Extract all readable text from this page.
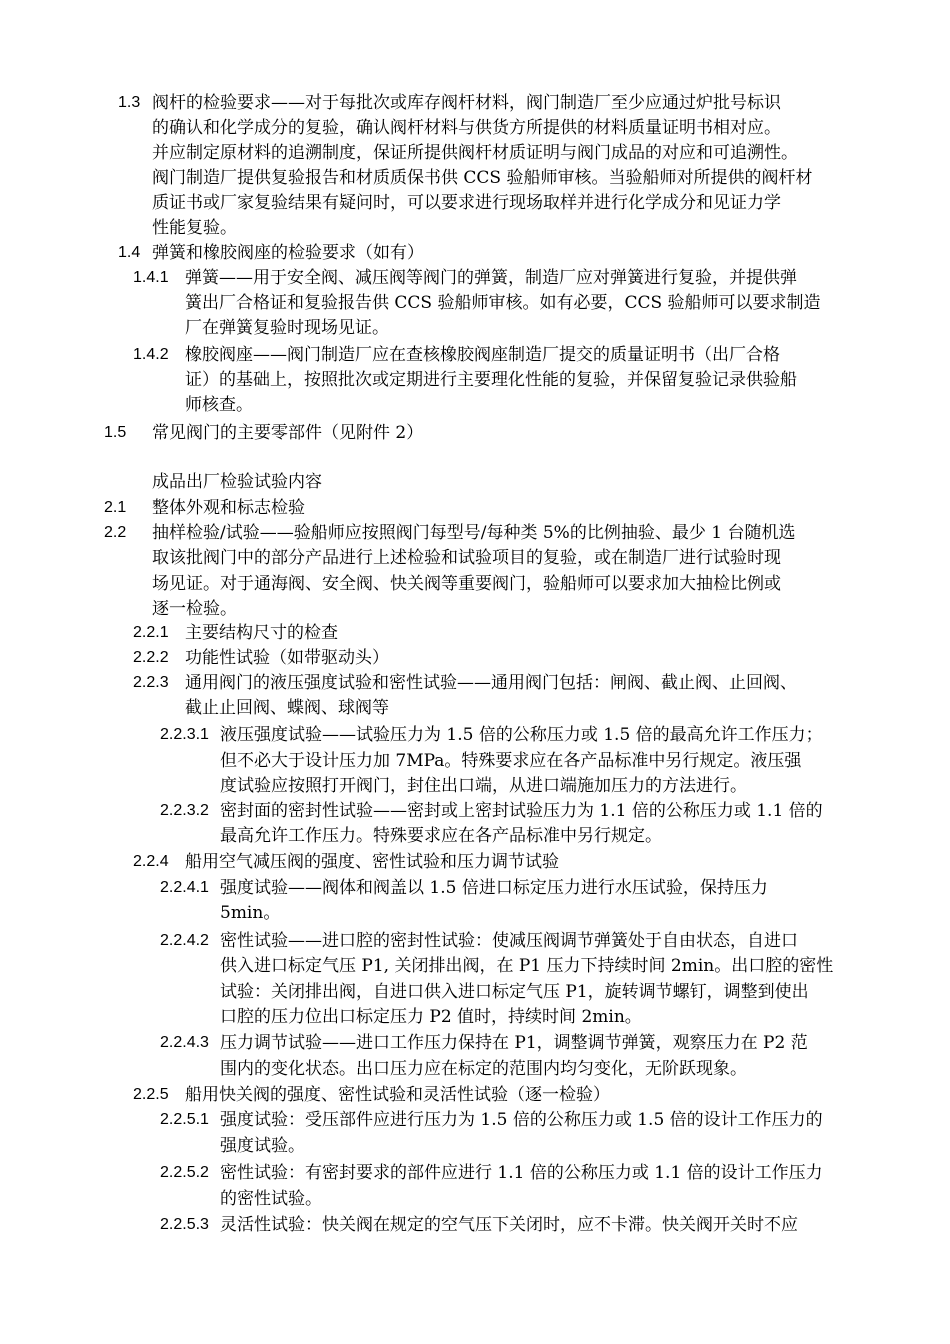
1.3 阀杆的检验要求——对于每批次或库存阀杆材料，阀门制造厂至少应通过炉批号标识
的确认和化学成分的复验，确认阀杆材料与供货方所提供的材料质量证明书相对应。
并应制定原材料的追溯制度，保证所提供阀杆材质证明与阀门成品的对应和可追溯性。
阀门制造厂提供复验报告和材质质保书供 CCS 验船师审核。当验船师对所提供的阀杆材
质证书或厂家复验结果有疑问时，可以要求进行现场取样并进行化学成分和见证力学
性能复验。
1.4 弹簧和橡胶阀座的检验要求（如有）
1.4.1 弹簧——用于安全阀、减压阀等阀门的弹簧，制造厂应对弹簧进行复验，并提供弹
簧出厂合格证和复验报告供 CCS 验船师审核。如有必要，CCS 验船师可以要求制造
厂在弹簧复验时现场见证。
1.4.2 橡胶阀座——阀门制造厂应在查核橡胶阀座制造厂提交的质量证明书（出厂合格
证）的基础上，按照批次或定期进行主要理化性能的复验，并保留复验记录供验船
师核查。
1.5 常见阀门的主要零部件（见附件 2）
成品出厂检验试验内容
2.1 整体外观和标志检验
2.2 抽样检验/试验——验船师应按照阀门每型号/每种类 5%的比例抽验、最少 1 台随机选
取该批阀门中的部分产品进行上述检验和试验项目的复验，或在制造厂进行试验时现
场见证。对于通海阀、安全阀、快关阀等重要阀门，验船师可以要求加大抽检比例或
逐一检验。
2.2.1 主要结构尺寸的检查
2.2.2 功能性试验（如带驱动头）
2.2.3 通用阀门的液压强度试验和密性试验——通用阀门包括：闸阀、截止阀、止回阀、
截止止回阀、蝶阀、球阀等
2.2.3.1 液压强度试验——试验压力为 1.5 倍的公称压力或 1.5 倍的最高允许工作压力；
但不必大于设计压力加 7MPa。特殊要求应在各产品标准中另行规定。液压强
度试验应按照打开阀门，封住出口端，从进口端施加压力的方法进行。
2.2.3.2 密封面的密封性试验——密封或上密封试验压力为 1.1 倍的公称压力或 1.1 倍的
最高允许工作压力。特殊要求应在各产品标准中另行规定。
2.2.4 船用空气减压阀的强度、密性试验和压力调节试验
2.2.4.1 强度试验——阀体和阀盖以 1.5 倍进口标定压力进行水压试验，保持压力
5min。
2.2.4.2 密性试验——进口腔的密封性试验：使减压阀调节弹簧处于自由状态，自进口
供入进口标定气压 P1, 关闭排出阀，在 P1 压力下持续时间 2min。出口腔的密性
试验：关闭排出阀，自进口供入进口标定气压 P1，旋转调节螺钉，调整到使出
口腔的压力位出口标定压力 P2 值时，持续时间 2min。
2.2.4.3 压力调节试验——进口工作压力保持在 P1，调整调节弹簧，观察压力在 P2 范
围内的变化状态。出口压力应在标定的范围内均匀变化，无阶跃现象。
2.2.5 船用快关阀的强度、密性试验和灵活性试验（逐一检验）
2.2.5.1 强度试验：受压部件应进行压力为 1.5 倍的公称压力或 1.5 倍的设计工作压力的
强度试验。
2.2.5.2 密性试验：有密封要求的部件应进行 1.1 倍的公称压力或 1.1 倍的设计工作压力
的密性试验。
2.2.5.3 灵活性试验：快关阀在规定的空气压下关闭时，应不卡滞。快关阀开关时不应
